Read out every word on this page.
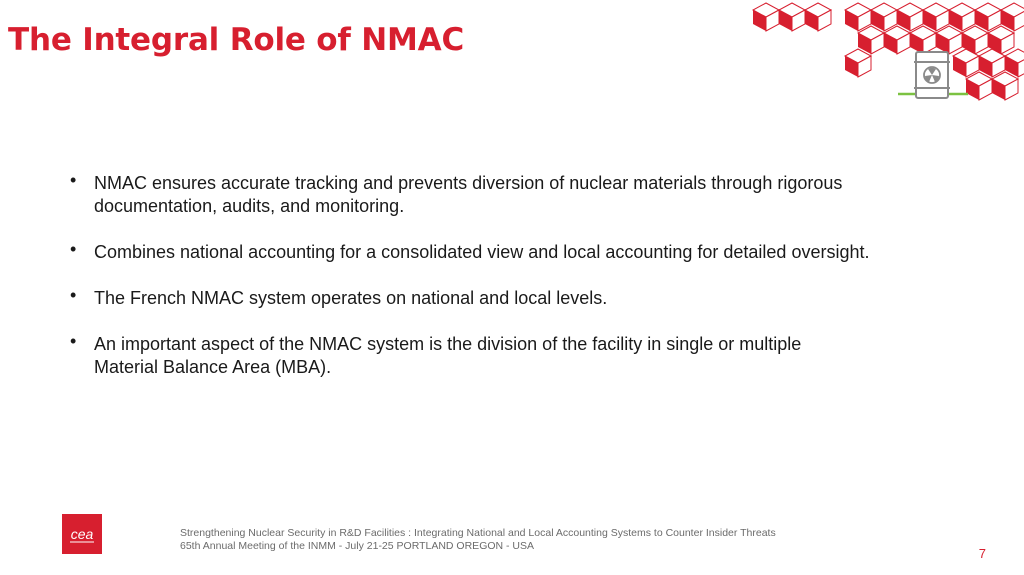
The Integral Role of NMAC
• NMAC ensures accurate tracking and prevents diversion of nuclear materials through rigorous documentation, audits, and monitoring.
• Combines national accounting for a consolidated view and local accounting for detailed oversight.
• The French NMAC system operates on national and local levels.
• An important aspect of the NMAC system is the division of the facility in single or multiple Material Balance Area (MBA).
cea	Strengthening Nuclear Security in R&D Facilities : Integrating National and Local Accounting Systems to Counter Insider Threats
65th Annual Meeting of the INMM - July 21-25 PORTLAND OREGON - USA	7
